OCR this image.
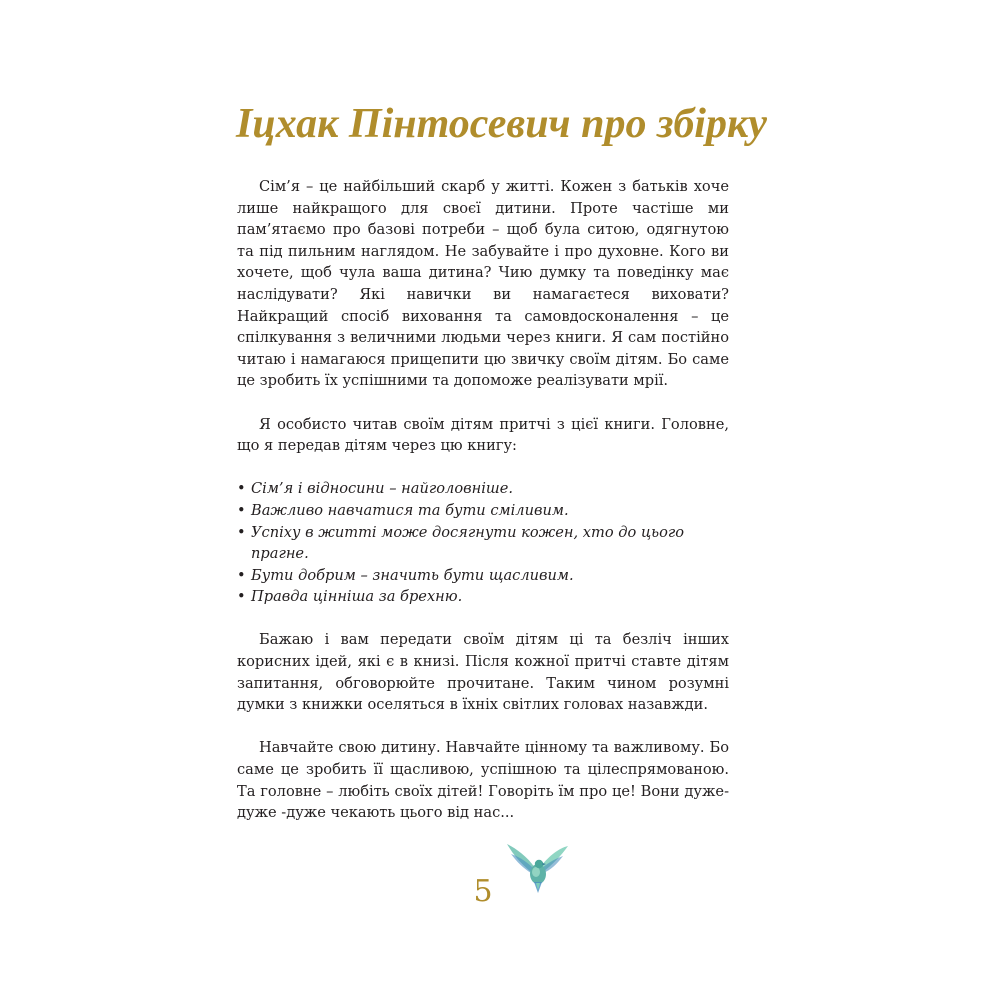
Іцхак Пінтосевич про збірку

Сім’я – це найбільший скарб у житті. Кожен з батьків хоче лише найкращого для своєї дитини. Проте частіше ми пам’ятаємо про базові потреби – щоб була ситою, одягнутою та під пильним наглядом. Не забувайте і про духовне. Кого ви хочете, щоб чула ваша дитина? Чию думку та поведінку має наслідувати? Які навички ви намагаєтеся виховати? Найкращий спосіб виховання та самовдосконалення – це спілкування з величними людьми через книги. Я сам постійно читаю і намагаюся прищепити цю звичку своїм дітям. Бо саме це зробить їх успішними та допоможе реалізувати мрії.

Я особисто читав своїм дітям притчі з цієї книги. Головне, що я передав дітям через цю книгу:

• Сім’я і відносини – найголовніше.
• Важливо навчатися та бути сміливим.
• Успіху в житті може досягнути кожен, хто до цього прагне.
• Бути добрим – значить бути щасливим.
• Правда цінніша за брехню.

Бажаю і вам передати своїм дітям ці та безліч інших корисних ідей, які є в книзі. Після кожної притчі ставте дітям запитання, обговорюйте прочитане. Таким чином розумні думки з книжки оселяться в їхніх світлих головах назавжди.

Навчайте свою дитину. Навчайте цінному та важливому. Бо саме це зробить її щасливою, успішною та цілеспрямованою. Та головне – любіть своїх дітей! Говоріть їм про це! Вони дуже-дуже -дуже чекають цього від нас...

5
